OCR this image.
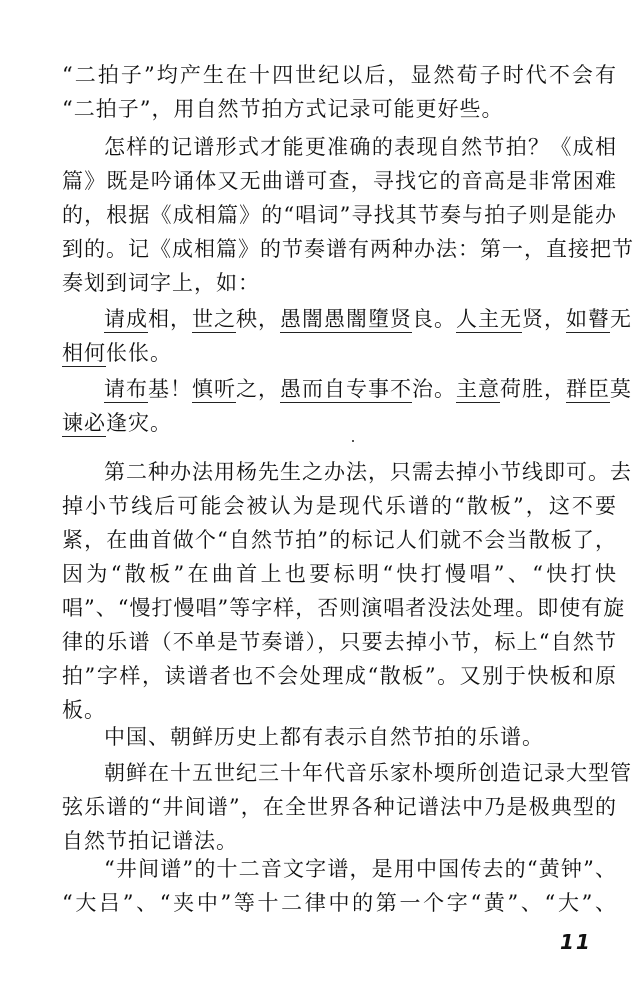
“二拍子”均产生在十四世纪以后，显然荀子时代不会有
“二拍子”，用自然节拍方式记录可能更好些。
怎样的记谱形式才能更准确的表现自然节拍？《成相
篇》既是吟诵体又无曲谱可查，寻找它的音高是非常困难
的，根据《成相篇》的“唱词”寻找其节奏与拍子则是能办
到的。记《成相篇》的节奏谱有两种办法：第一，直接把节
奏划到词字上，如：
请成相，世之秧，愚闇愚闇墮贤良。人主无贤，如瞽无
相何伥伥。
请布基！慎听之，愚而自专事不治。主意荷胜，群臣莫
谏必逢灾。
第二种办法用杨先生之办法，只需去掉小节线即可。去
掉小节线后可能会被认为是现代乐谱的“散板”，这不要
紧，在曲首做个“自然节拍”的标记人们就不会当散板了，
因为“散板”在曲首上也要标明“快打慢唱”、“快打快
唱”、“慢打慢唱”等字样，否则演唱者没法处理。即使有旋
律的乐谱（不单是节奏谱），只要去掉小节，标上“自然节
拍”字样，读谱者也不会处理成“散板”。又别于快板和原
板。
中国、朝鲜历史上都有表示自然节拍的乐谱。
朝鲜在十五世纪三十年代音乐家朴堧所创造记录大型管
弦乐谱的“井间谱”，在全世界各种记谱法中乃是极典型的
自然节拍记谱法。
“井间谱”的十二音文字谱，是用中国传去的“黄钟”、
“大吕”、“夹中”等十二律中的第一个字“黄”、“大”、
11
